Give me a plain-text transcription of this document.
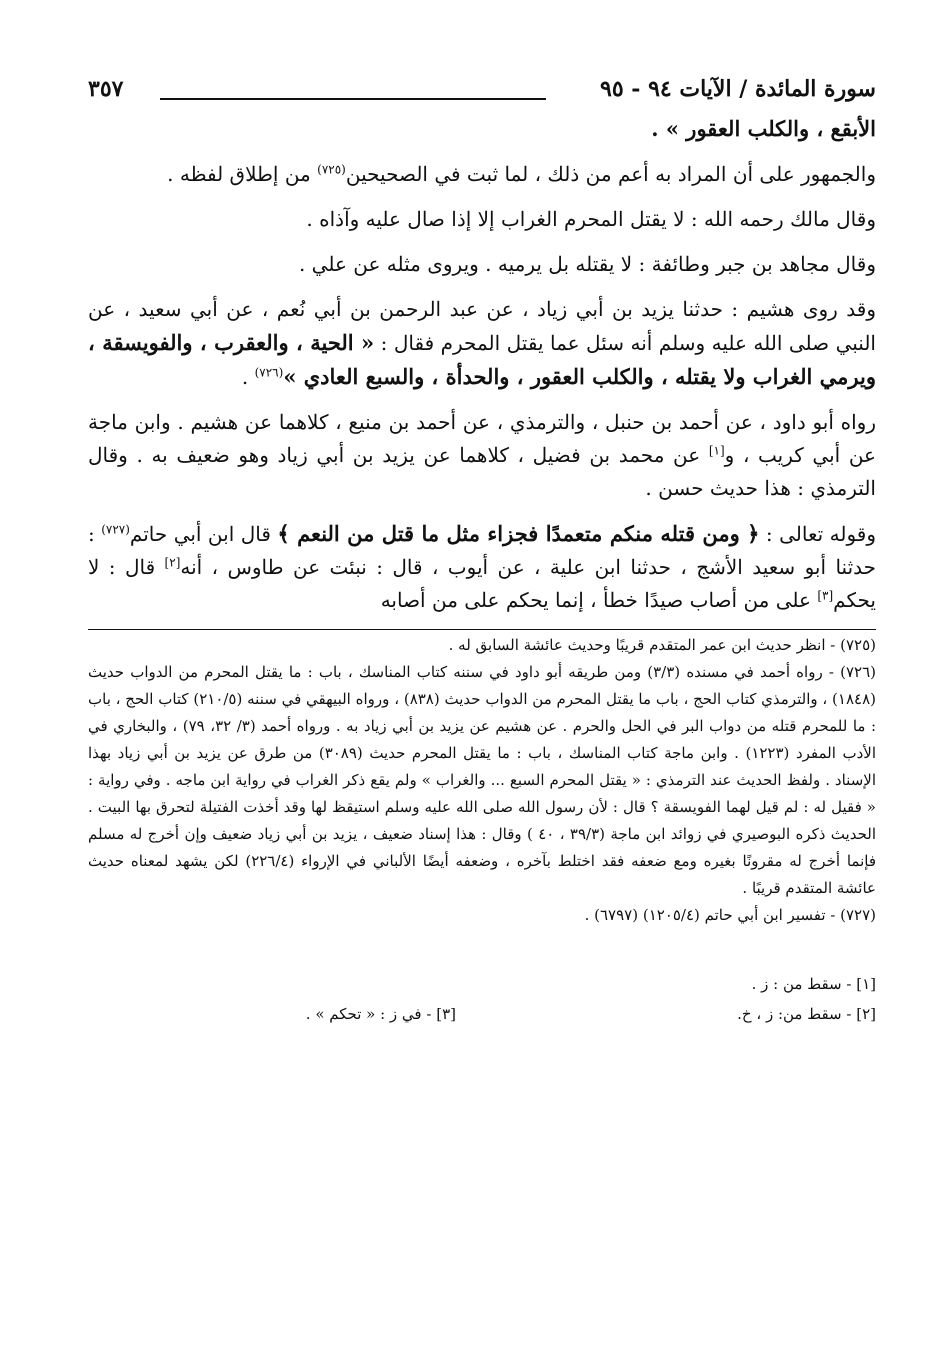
سورة المائدة / الآيات ٩٤ - ٩٥
٣٥٧

الأبقع ، والكلب العقور » .

والجمهور على أن المراد به أعم من ذلك ، لما ثبت في الصحيحين$^{(٧٢٥)}$ من إطلاق لفظه .

وقال مالك رحمه الله : لا يقتل المحرم الغراب إلا إذا صال عليه وآذاه .

وقال مجاهد بن جبر وطائفة : لا يقتله بل يرميه . ويروى مثله عن علي .

وقد روى هشيم : حدثنا يزيد بن أبي زياد ، عن عبد الرحمن بن أبي نُعم ، عن أبي سعيد ، عن النبي صلى الله عليه وسلم أنه سئل عما يقتل المحرم فقال : « الحية ، والعقرب ، والفويسقة ، ويرمي الغراب ولا يقتله ، والكلب العقور ، والحدأة ، والسبع العادي »$^{(٧٢٦)}$ .

رواه أبو داود ، عن أحمد بن حنبل ، والترمذي ، عن أحمد بن منيع ، كلاهما عن هشيم . وابن ماجة عن أبي كريب ، و[١] عن محمد بن فضيل ، كلاهما عن يزيد بن أبي زياد وهو ضعيف به . وقال الترمذي : هذا حديث حسن .

وقوله تعالى : ﴿ ومن قتله منكم متعمدًا فجزاء مثل ما قتل من النعم ﴾ قال ابن أبي حاتم$^{(٧٢٧)}$ : حدثنا أبو سعيد الأشج ، حدثنا ابن علية ، عن أيوب ، قال : نبئت عن طاوس ، أنه[٢] قال : لا يحكم[٣] على من أصاب صيدًا خطأ ، إنما يحكم على من أصابه

(٧٢٥) - انظر حديث ابن عمر المتقدم قريبًا وحديث عائشة السابق له .

(٧٢٦) - رواه أحمد في مسنده (٣/٣) ومن طريقه أبو داود في سننه كتاب المناسك ، باب : ما يقتل المحرم من الدواب حديث (١٨٤٨) ، والترمذي كتاب الحج ، باب ما يقتل المحرم من الدواب حديث (٨٣٨) ، ورواه البيهقي في سننه (٢١٠/٥) كتاب الحج ، باب : ما للمحرم قتله من دواب البر في الحل والحرم . عن هشيم عن يزيد بن أبي زياد به . ورواه أحمد (٣/ ٣٢، ٧٩) ، والبخاري في الأدب المفرد (١٢٢٣) . وابن ماجة كتاب المناسك ، باب : ما يقتل المحرم حديث (٣٠٨٩) من طرق عن يزيد بن أبي زياد بهذا الإسناد . ولفظ الحديث عند الترمذي : « يقتل المحرم السبع ... والغراب » ولم يقع ذكر الغراب في رواية ابن ماجه . وفي رواية : « فقيل له : لم قيل لهما الفويسقة ؟ قال : لأن رسول الله صلى الله عليه وسلم استيقظ لها وقد أخذت الفتيلة لتحرق بها البيت . الحديث ذكره البوصيري في زوائد ابن ماجة (٣٩/٣ ، ٤٠ ) وقال : هذا إسناد ضعيف ، يزيد بن أبي زياد ضعيف وإن أخرج له مسلم فإنما أخرج له مقرونًا بغيره ومع ضعفه فقد اختلط بآخره ، وضعفه أيضًا الألباني في الإرواء (٢٢٦/٤) لكن يشهد لمعناه حديث عائشة المتقدم قريبًا .

(٧٢٧) - تفسير ابن أبي حاتم (١٢٠٥/٤) (٦٧٩٧) .

[١] - سقط من : ز .
[٢] - سقط من: ز ، خ.
[٣] - في ز : « تحكم » .
